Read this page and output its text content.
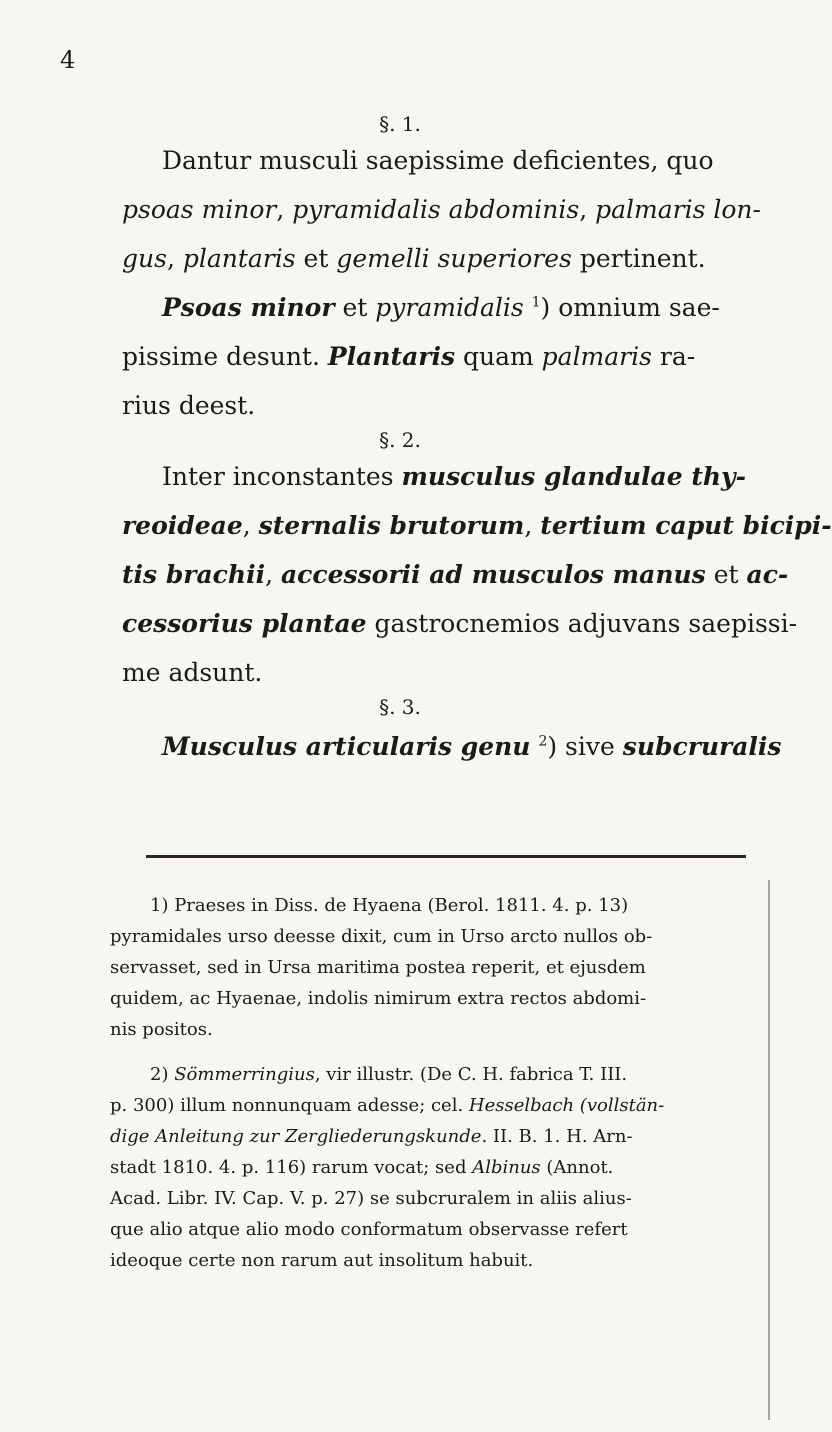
4
§. 1.
Dantur musculi saepissime deficientes, quo
psoas minor, pyramidalis abdominis, palmaris lon-
gus, plantaris et gemelli superiores pertinent.
Psoas minor et pyramidalis $^1$) omnium sae-
pissime desunt. Plantaris quam palmaris ra-
rius deest.
§. 2.
Inter inconstantes musculus glandulae thy-
reoideae, sternalis brutorum, tertium caput bicipi-
tis brachii, accessorii ad musculos manus et ac-
cessorius plantae gastrocnemios adjuvans saepissi-
me adsunt.
§. 3.
Musculus articularis genu $^2$) sive subcruralis
1) Praeses in Diss. de Hyaena (Berol. 1811. 4. p. 13)
pyramidales urso deesse dixit, cum in Urso arcto nullos ob-
servasset, sed in Ursa maritima postea reperit, et ejusdem
quidem, ac Hyaenae, indolis nimirum extra rectos abdomi-
nis positos.
2) Sömmerringius, vir illustr. (De C. H. fabrica T. III.
p. 300) illum nonnunquam adesse; cel. Hesselbach (vollstän-
dige Anleitung zur Zergliederungskunde. II. B. 1. H. Arn-
stadt 1810. 4. p. 116) rarum vocat; sed Albinus (Annot.
Acad. Libr. IV. Cap. V. p. 27) se subcruralem in aliis alius-
que alio atque alio modo conformatum observasse refert
ideoque certe non rarum aut insolitum habuit.
